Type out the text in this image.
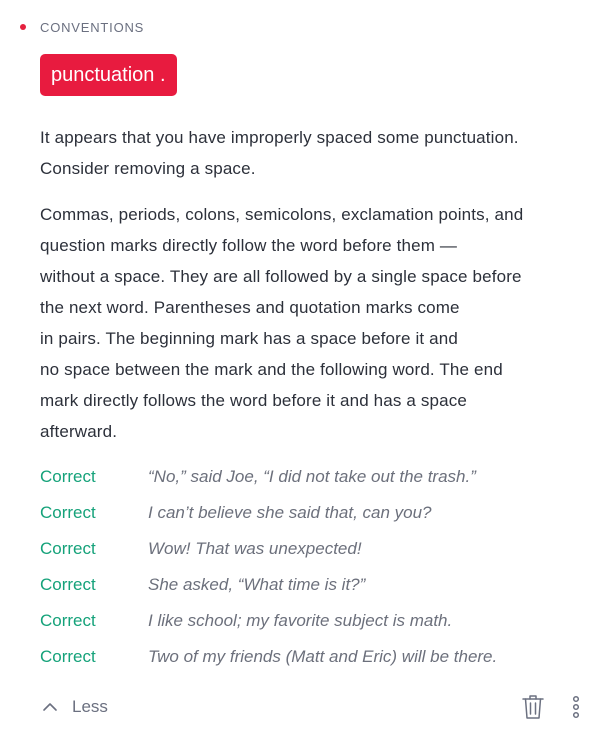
CONVENTIONS
punctuation .
It appears that you have improperly spaced some punctuation.
Consider removing a space.
Commas, periods, colons, semicolons, exclamation points, and
question marks directly follow the word before them —
without a space. They are all followed by a single space before
the next word. Parentheses and quotation marks come
in pairs. The beginning mark has a space before it and
no space between the mark and the following word. The end
mark directly follows the word before it and has a space
afterward.
Correct	“No,” said Joe, “I did not take out the trash.”
Correct	I can’t believe she said that, can you?
Correct	Wow! That was unexpected!
Correct	She asked, “What time is it?”
Correct	I like school; my favorite subject is math.
Correct	Two of my friends (Matt and Eric) will be there.
Less
